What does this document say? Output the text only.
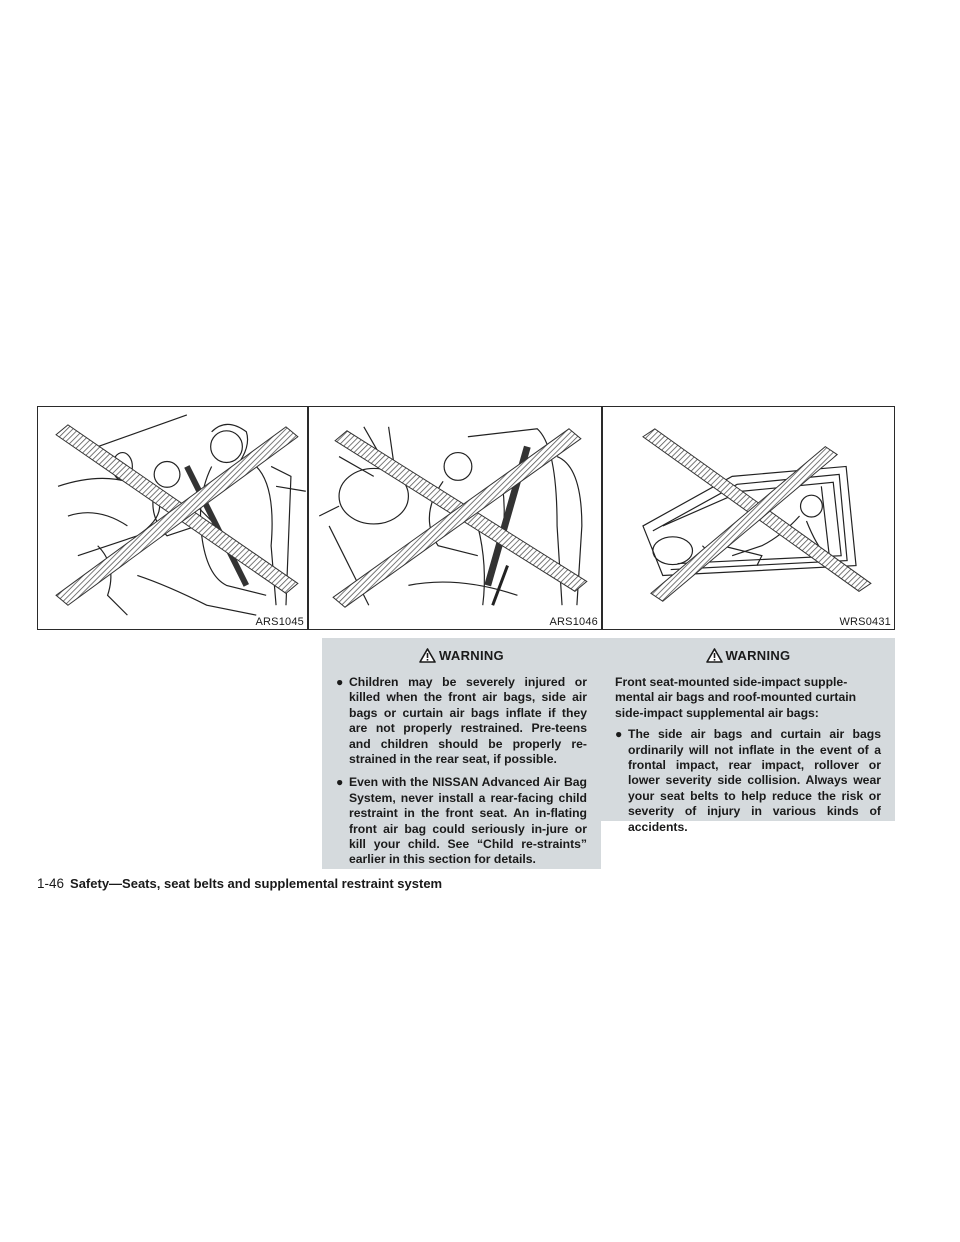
ARS1045	ARS1046	WRS0431
WARNING
● Children may be severely injured or killed when the front air bags, side air bags or curtain air bags inflate if they are not properly restrained. Pre-teens and children should be properly re-strained in the rear seat, if possible.
● Even with the NISSAN Advanced Air Bag System, never install a rear-facing child restraint in the front seat. An in-flating front air bag could seriously in-jure or kill your child. See “Child re-straints” earlier in this section for details.
WARNING
Front seat-mounted side-impact supple-mental air bags and roof-mounted curtain side-impact supplemental air bags:
● The side air bags and curtain air bags ordinarily will not inflate in the event of a frontal impact, rear impact, rollover or lower severity side collision. Always wear your seat belts to help reduce the risk or severity of injury in various kinds of accidents.
1-46 Safety—Seats, seat belts and supplemental restraint system
